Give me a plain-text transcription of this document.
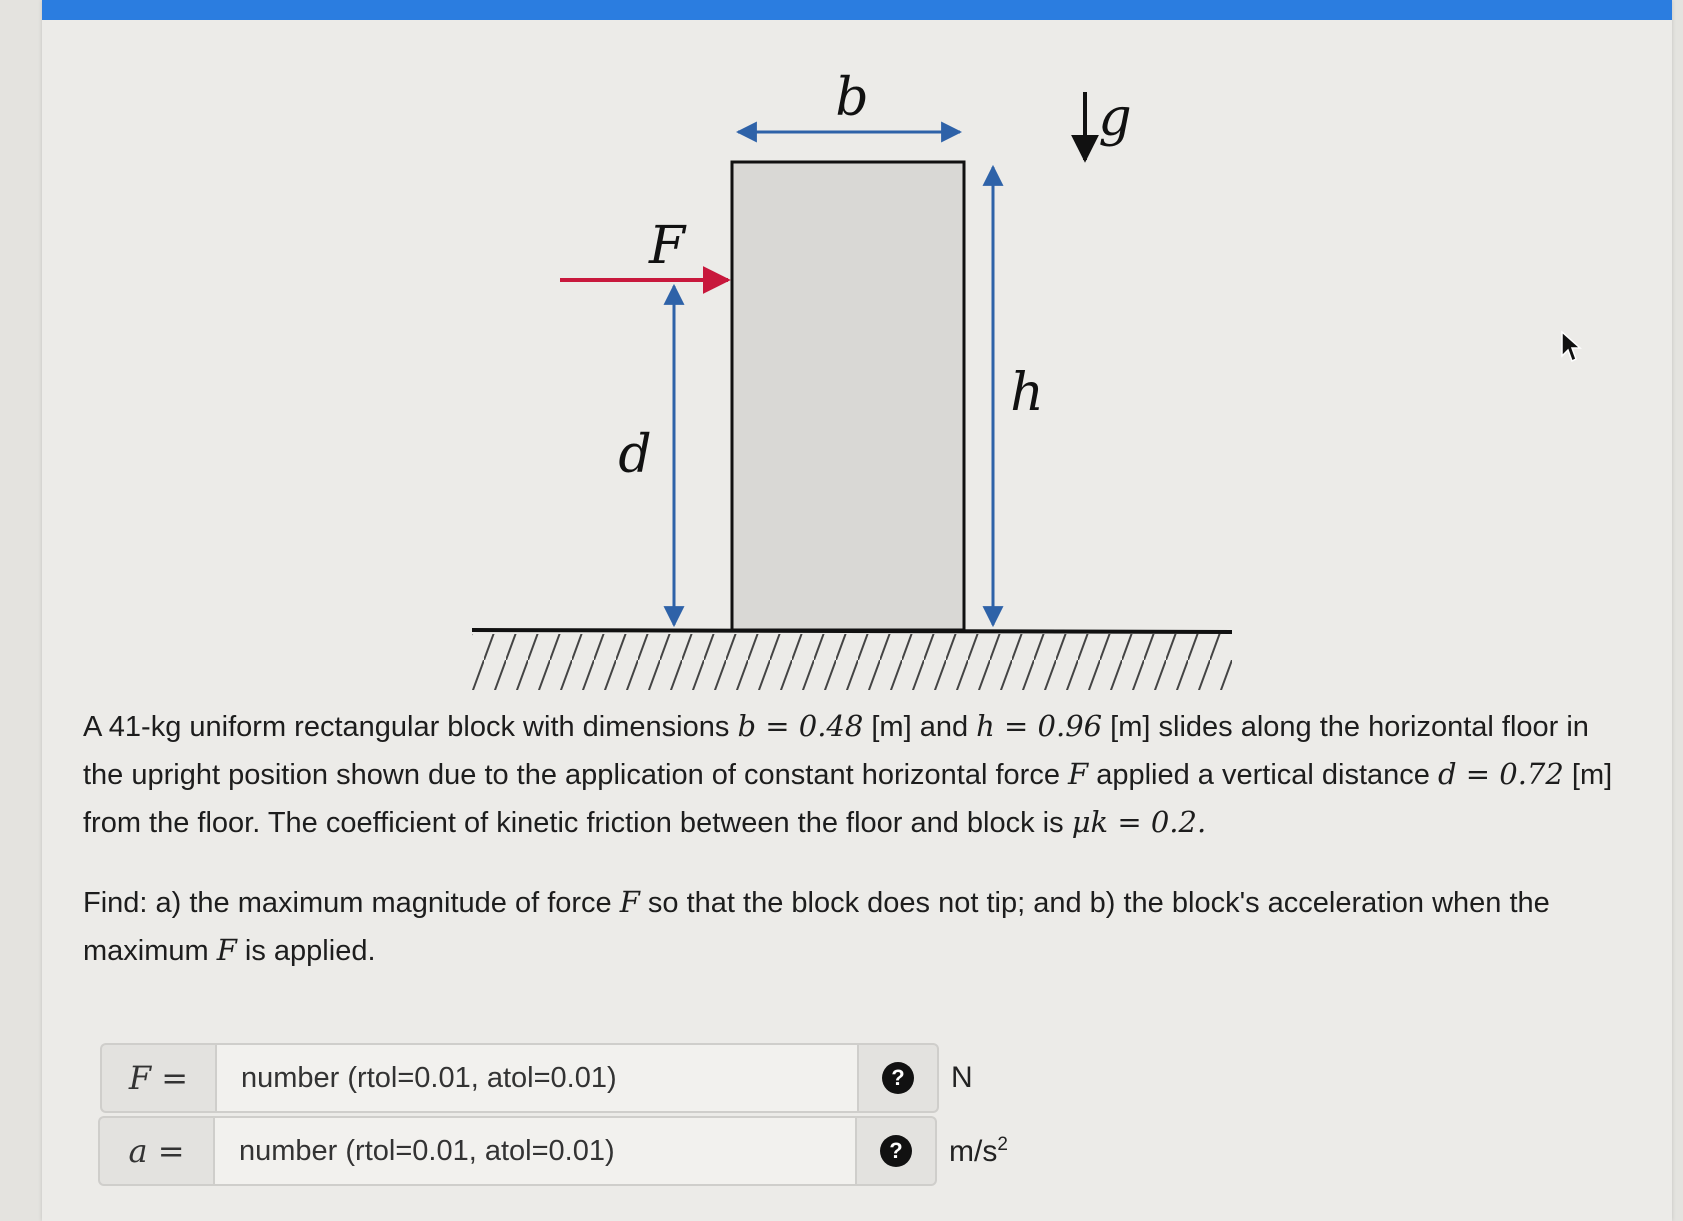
b	g
h
F
d

A 41-kg uniform rectangular block with dimensions b = 0.48 [m] and h = 0.96 [m] slides along the horizontal floor in the upright position shown due to the application of constant horizontal force F applied a vertical distance d = 0.72 [m] from the floor. The coefficient of kinetic friction between the floor and block is μk = 0.2.

Find: a) the maximum magnitude of force F so that the block does not tip; and b) the block's acceleration when the maximum F is applied.

F =
number (rtol=0.01, atol=0.01)	?	N
a =
number (rtol=0.01, atol=0.01)	?	$m/s^2$
